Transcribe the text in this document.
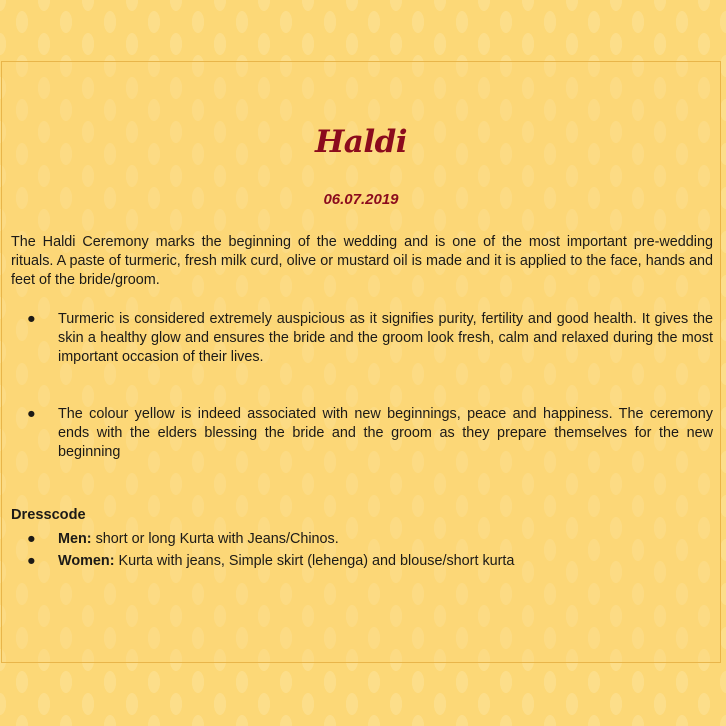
Haldi
06.07.2019

The Haldi Ceremony marks the beginning of the wedding and is one of the most important pre-wedding rituals. A paste of turmeric, fresh milk curd, olive or mustard oil is made and it is applied to the face, hands and feet of the bride/groom.

● Turmeric is considered extremely auspicious as it signifies purity, fertility and good health. It gives the skin a healthy glow and ensures the bride and the groom look fresh, calm and relaxed during the most important occasion of their lives.
● The colour yellow is indeed associated with new beginnings, peace and happiness. The ceremony ends with the elders blessing the bride and the groom as they prepare themselves for the new beginning
Dresscode
● Men: short or long Kurta with Jeans/Chinos.
● Women: Kurta with jeans, Simple skirt (lehenga) and blouse/short kurta
